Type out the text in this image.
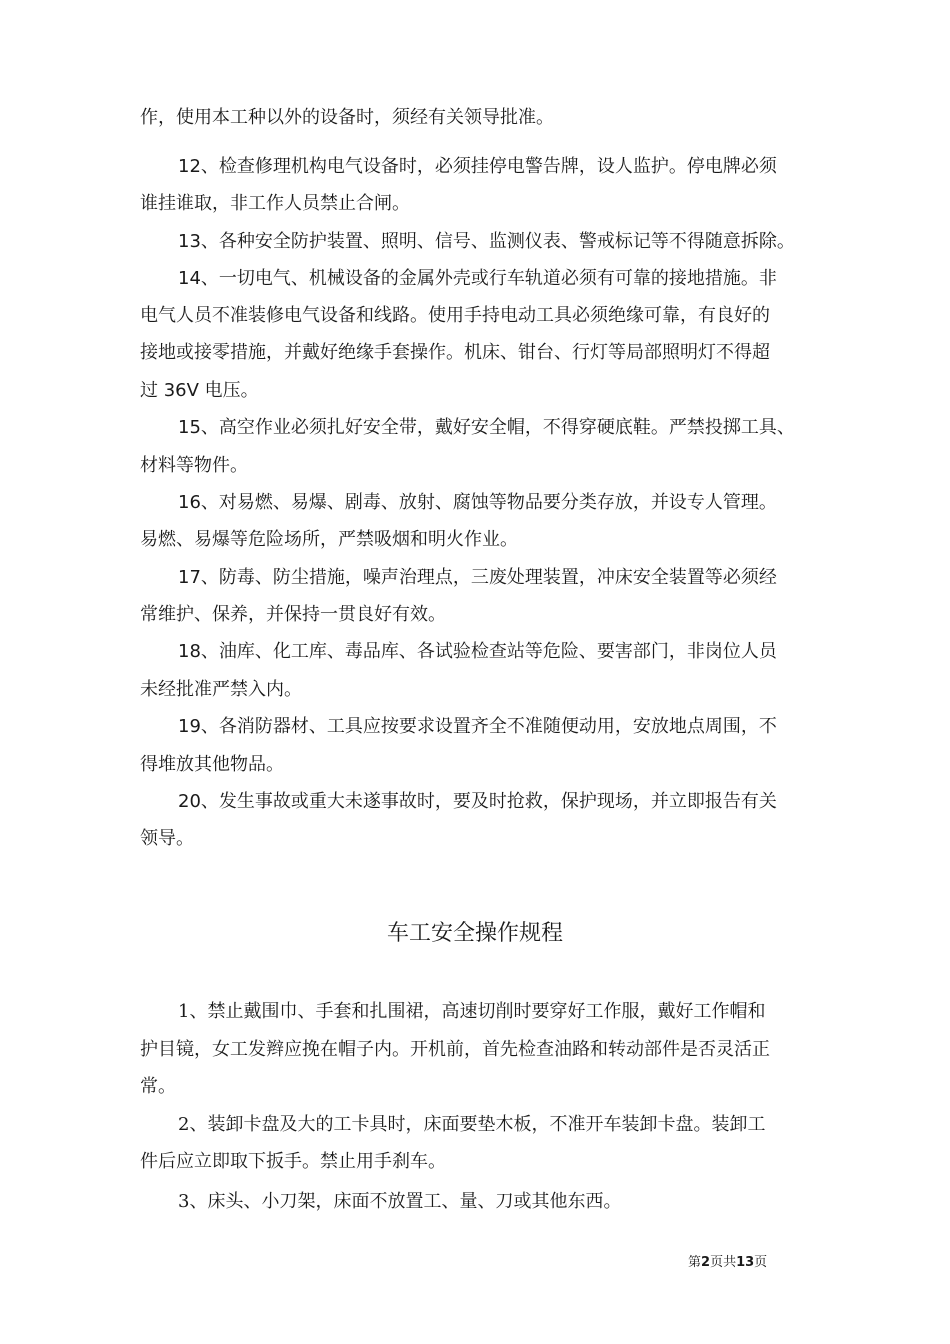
作，使用本工种以外的设备时，须经有关领导批准。
12、检查修理机构电气设备时，必须挂停电警告牌，设人监护。停电牌必须
谁挂谁取，非工作人员禁止合闸。
13、各种安全防护装置、照明、信号、监测仪表、警戒标记等不得随意拆除。
14、一切电气、机械设备的金属外壳或行车轨道必须有可靠的接地措施。非
电气人员不准装修电气设备和线路。使用手持电动工具必须绝缘可靠，有良好的
接地或接零措施，并戴好绝缘手套操作。机床、钳台、行灯等局部照明灯不得超
过 36V 电压。
15、高空作业必须扎好安全带，戴好安全帽，不得穿硬底鞋。严禁投掷工具、
材料等物件。
16、对易燃、易爆、剧毒、放射、腐蚀等物品要分类存放，并设专人管理。
易燃、易爆等危险场所，严禁吸烟和明火作业。
17、防毒、防尘措施，噪声治理点，三废处理装置，冲床安全装置等必须经
常维护、保养，并保持一贯良好有效。
18、油库、化工库、毒品库、各试验检查站等危险、要害部门，非岗位人员
未经批准严禁入内。
19、各消防器材、工具应按要求设置齐全不准随便动用，安放地点周围，不
得堆放其他物品。
20、发生事故或重大未遂事故时，要及时抢救，保护现场，并立即报告有关
领导。
车工安全操作规程
1、禁止戴围巾、手套和扎围裙，高速切削时要穿好工作服，戴好工作帽和
护目镜，女工发辫应挽在帽子内。开机前，首先检查油路和转动部件是否灵活正
常。
2、装卸卡盘及大的工卡具时，床面要垫木板，不准开车装卸卡盘。装卸工
件后应立即取下扳手。禁止用手刹车。
3、床头、小刀架，床面不放置工、量、刀或其他东西。
第2页共13页
